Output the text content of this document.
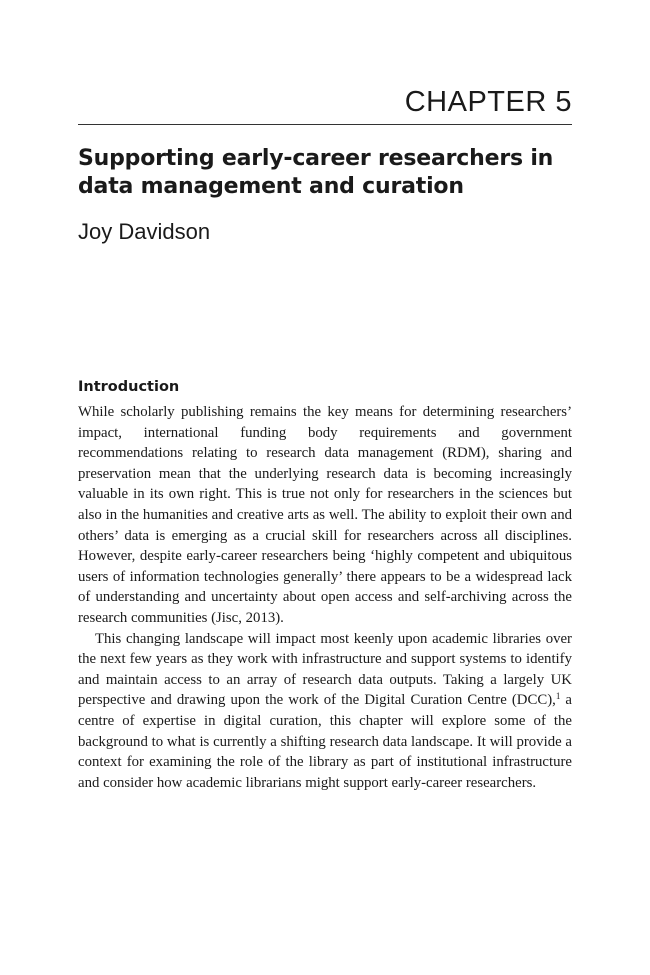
CHAPTER 5
Supporting early-career researchers in data management and curation
Joy Davidson
Introduction

While scholarly publishing remains the key means for determining researchers’ impact, international funding body requirements and government recommendations relating to research data management (RDM), sharing and preservation mean that the underlying research data is becoming increasingly valuable in its own right. This is true not only for researchers in the sciences but also in the humanities and creative arts as well. The ability to exploit their own and others’ data is emerging as a crucial skill for researchers across all disciplines. However, despite early-career researchers being ‘highly competent and ubiquitous users of information technologies generally’ there appears to be a widespread lack of understanding and uncertainty about open access and self-archiving across the research communities (Jisc, 2013).

This changing landscape will impact most keenly upon academic libraries over the next few years as they work with infrastructure and support systems to identify and maintain access to an array of research data outputs. Taking a largely UK perspective and drawing upon the work of the Digital Curation Centre (DCC),$^1$ a centre of expertise in digital curation, this chapter will explore some of the background to what is currently a shifting research data landscape. It will provide a context for examining the role of the library as part of institutional infrastructure and consider how academic librarians might support early-career researchers.
